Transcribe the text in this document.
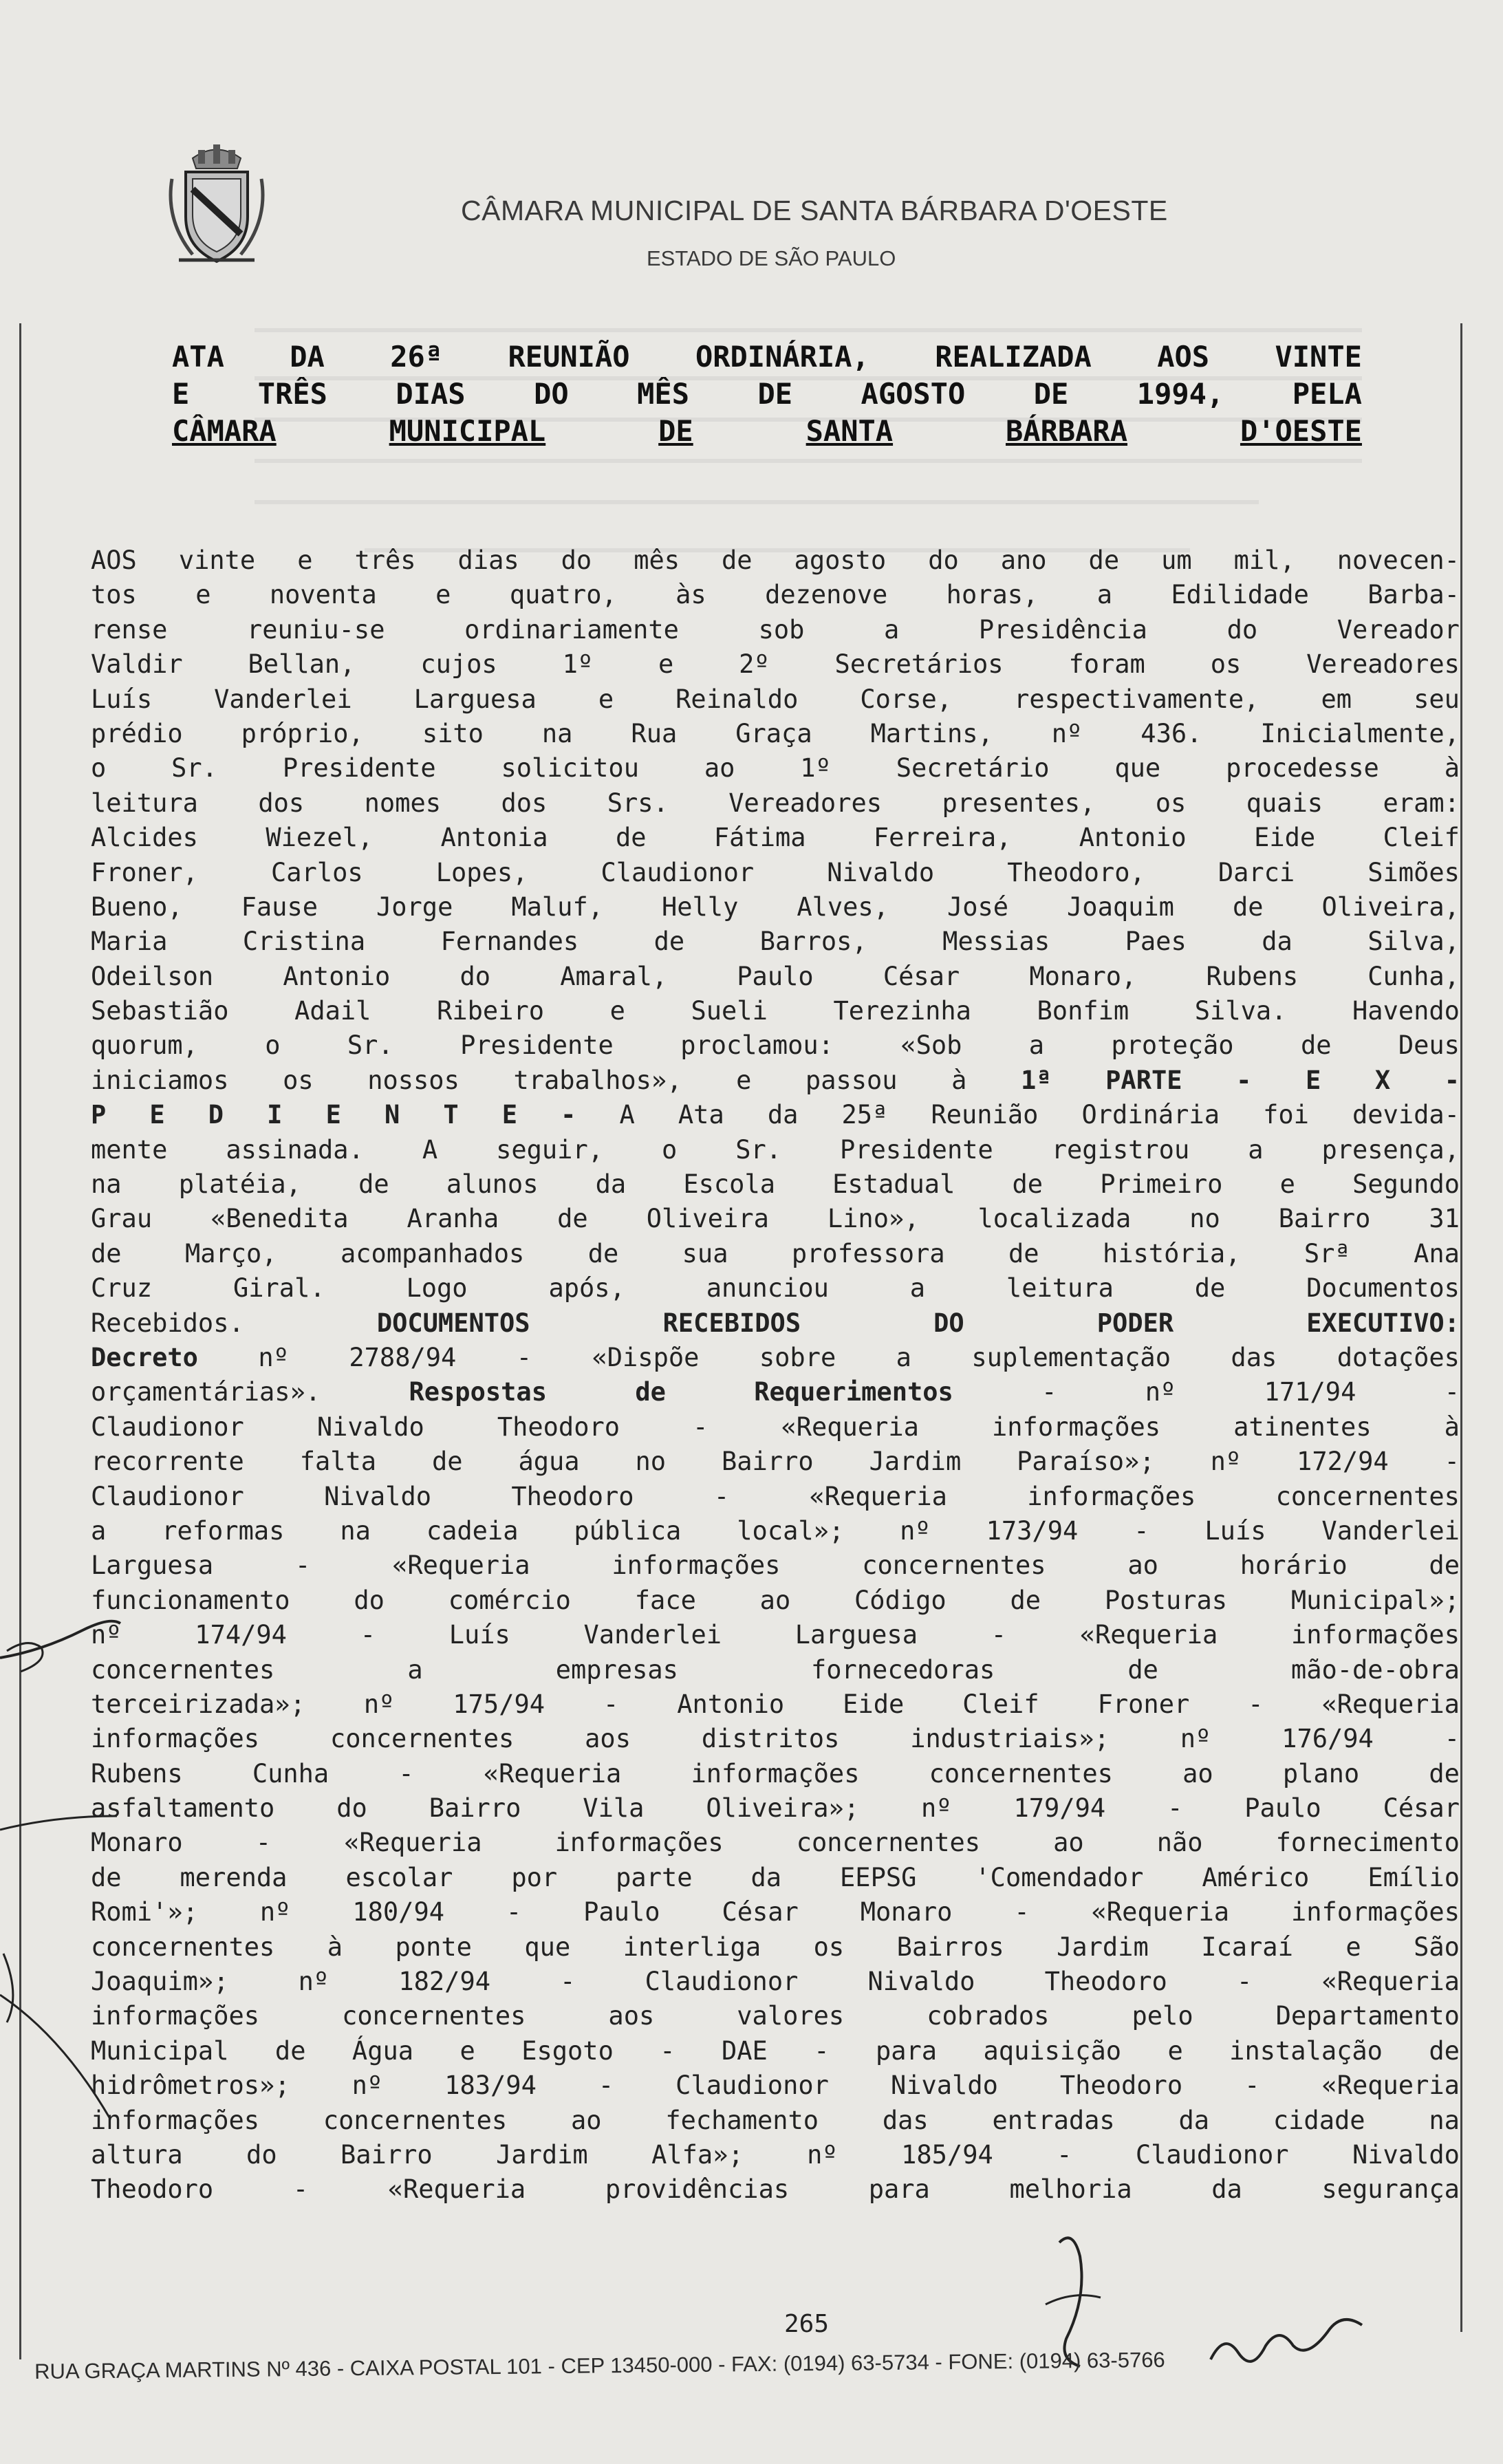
CÂMARA MUNICIPAL DE SANTA BÁRBARA D'OESTE
ESTADO DE SÃO PAULO
ATA DA 26ª REUNIÃO ORDINÁRIA, REALIZADA AOS VINTE
E TRÊS DIAS DO MÊS DE AGOSTO DE 1994, PELA
CÂMARA	MUNICIPAL	DE	SANTA	BÁRBARA	D'OESTE
AOS vinte e três dias do mês de agosto do ano de um mil, novecen-
tos e noventa e quatro, às dezenove horas, a Edilidade Barba-
rense	reuniu-se	ordinariamente	sob	a	Presidência	do	Vereador
Valdir	Bellan,	cujos	1º	e	2º	Secretários	foram	os	Vereadores
Luís Vanderlei Larguesa e Reinaldo Corse, respectivamente, em seu
prédio próprio, sito na Rua Graça Martins, nº 436. Inicialmente,
o	Sr.	Presidente	solicitou	ao	1º	Secretário	que	procedesse	à
leitura dos nomes dos Srs. Vereadores presentes, os quais eram:
Alcides	Wiezel,	Antonia	de	Fátima	Ferreira,	Antonio	Eide	Cleif
Froner,	Carlos	Lopes,	Claudionor	Nivaldo	Theodoro,	Darci	Simões
Bueno, Fause Jorge Maluf, Helly Alves, José Joaquim de Oliveira,
Maria	Cristina	Fernandes	de	Barros,	Messias	Paes	da	Silva,
Odeilson	Antonio	do	Amaral,	Paulo	César	Monaro,	Rubens	Cunha,
Sebastião	Adail	Ribeiro	e	Sueli	Terezinha	Bonfim	Silva.	Havendo
quorum,	o	Sr.	Presidente	proclamou:	«Sob	a	proteção	de	Deus
iniciamos os nossos trabalhos», e passou à 1ª PARTE - E X -
P E D I E N T E - A Ata da 25ª Reunião Ordinária foi devida-
mente assinada. A seguir, o Sr. Presidente registrou a presença,
na platéia, de alunos da Escola Estadual de Primeiro e Segundo
Grau «Benedita Aranha de Oliveira Lino», localizada no Bairro 31
de Março, acompanhados de sua professora de história, Srª Ana
Cruz	Giral.	Logo	após,	anunciou	a	leitura	de	Documentos
Recebidos.	DOCUMENTOS	RECEBIDOS	DO	PODER	EXECUTIVO:
Decreto nº 2788/94 - «Dispõe sobre a suplementação das dotações
orçamentárias».	Respostas	de	Requerimentos	-	nº	171/94	-
Claudionor	Nivaldo	Theodoro	-	«Requeria	informações	atinentes	à
recorrente falta de água no Bairro Jardim Paraíso»; nº 172/94 -
Claudionor	Nivaldo	Theodoro	-	«Requeria	informações	concernentes
a reformas na cadeia pública local»; nº 173/94 - Luís Vanderlei
Larguesa	-	«Requeria	informações	concernentes	ao	horário	de
funcionamento	do	comércio	face	ao	Código	de	Posturas	Municipal»;
nº	174/94	-	Luís	Vanderlei	Larguesa	-	«Requeria	informações
concernentes	a	empresas	fornecedoras	de	mão-de-obra
terceirizada»; nº 175/94 - Antonio Eide Cleif Froner - «Requeria
informações	concernentes	aos	distritos	industriais»;	nº	176/94	-
Rubens	Cunha	-	«Requeria	informações	concernentes	ao	plano	de
asfaltamento do Bairro Vila Oliveira»; nº 179/94 - Paulo César
Monaro	-	«Requeria	informações	concernentes	ao	não	fornecimento
de merenda escolar por parte da EEPSG 'Comendador Américo Emílio
Romi'»; nº 180/94 - Paulo César Monaro - «Requeria informações
concernentes à ponte que interliga os Bairros Jardim Icaraí e São
Joaquim»;	nº	182/94	-	Claudionor	Nivaldo	Theodoro	-	«Requeria
informações	concernentes	aos	valores	cobrados	pelo	Departamento
Municipal de Água e Esgoto - DAE - para aquisição e instalação de
hidrômetros»; nº 183/94 - Claudionor Nivaldo Theodoro - «Requeria
informações	concernentes	ao	fechamento	das	entradas	da	cidade	na
altura do Bairro Jardim Alfa»; nº 185/94 - Claudionor Nivaldo
Theodoro	-	«Requeria	providências	para	melhoria	da	segurança
265
RUA GRAÇA MARTINS Nº 436 - CAIXA POSTAL 101 - CEP 13450-000 - FAX: (0194) 63-5734 - FONE: (0194) 63-5766
